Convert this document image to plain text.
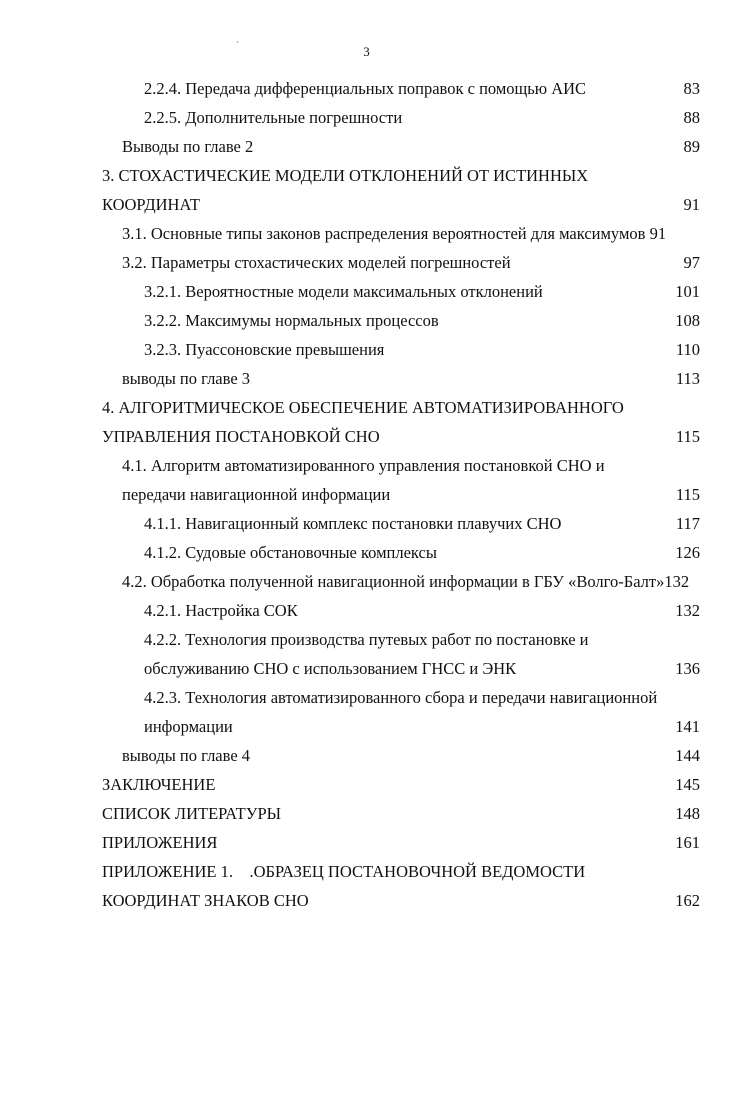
`	3
2.2.4. Передача дифференциальных поправок с помощью АИС	83
2.2.5. Дополнительные погрешности	88
Выводы по главе 2	89
3. СТОХАСТИЧЕСКИЕ МОДЕЛИ ОТКЛОНЕНИЙ ОТ ИСТИННЫХ
КООРДИНАТ	91
3.1. Основные типы законов распределения вероятностей для максимумов 91
3.2. Параметры стохастических моделей погрешностей	97
3.2.1. Вероятностные модели максимальных отклонений	101
3.2.2. Максимумы нормальных процессов	108
3.2.3. Пуассоновские превышения	110
выводы по главе 3	113
4. АЛГОРИТМИЧЕСКОЕ ОБЕСПЕЧЕНИЕ АВТОМАТИЗИРОВАННОГО
УПРАВЛЕНИЯ ПОСТАНОВКОЙ СНО	115
4.1. Алгоритм автоматизированного управления постановкой СНО и
передачи навигационной информации	115
4.1.1. Навигационный комплекс постановки плавучих СНО	117
4.1.2. Судовые обстановочные комплексы	126
4.2. Обработка полученной навигационной информации в ГБУ «Волго-Балт»132
4.2.1. Настройка СОК	132
4.2.2. Технология производства путевых работ по постановке и
обслуживанию СНО с использованием ГНСС и ЭНК	136
4.2.3. Технология автоматизированного сбора и передачи навигационной
информации	141
выводы по главе 4	144
ЗАКЛЮЧЕНИЕ	145
СПИСОК ЛИТЕРАТУРЫ	148
ПРИЛОЖЕНИЯ	161
ПРИЛОЖЕНИЕ 1.    .ОБРАЗЕЦ ПОСТАНОВОЧНОЙ ВЕДОМОСТИ
КООРДИНАТ ЗНАКОВ СНО	162
